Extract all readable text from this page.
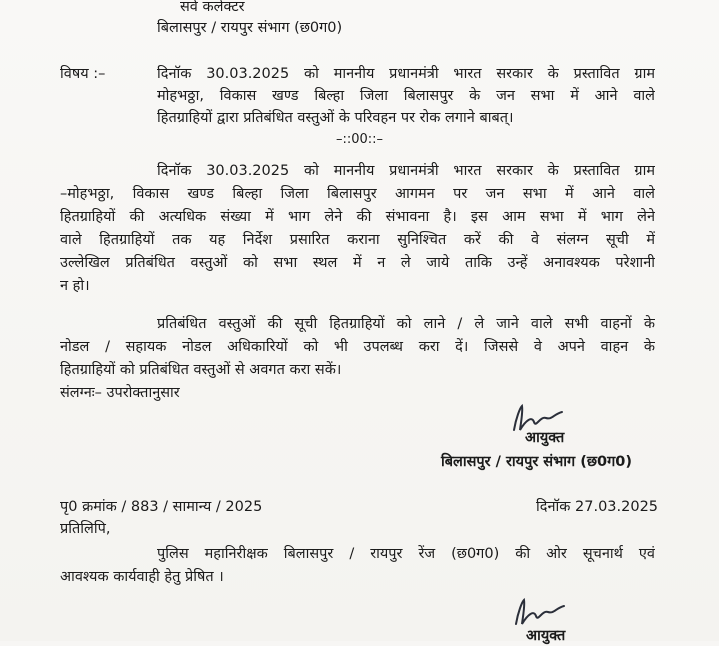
सर्व कलेक्टर
बिलासपुर / रायपुर संभाग (छ0ग0)
विषय :–	दिनॉक 30.03.2025 को माननीय प्रधानमंत्री भारत सरकार के प्रस्तावित ग्राम
मोहभठ्ठा, विकास खण्ड बिल्हा जिला बिलासपुर के जन सभा में आने वाले
हितग्राहियों द्वारा प्रतिबंधित वस्तुओं के परिवहन पर रोक लगाने बाबत्।
–::00::–
दिनॉक 30.03.2025 को माननीय प्रधानमंत्री भारत सरकार के प्रस्तावित ग्राम
–मोहभठ्ठा, विकास खण्ड बिल्हा जिला बिलासपुर आगमन पर जन सभा में आने वाले
हितग्राहियों की अत्यधिक संख्या में भाग लेने की संभावना है। इस आम सभा में भाग लेने
वाले हितग्राहियों तक यह निर्देश प्रसारित कराना सुनिश्चित करें की वे संलग्न सूची में
उल्लेखिल प्रतिबंधित वस्तुओं को सभा स्थल में न ले जाये ताकि उन्हें अनावश्यक परेशानी
न हो।
प्रतिबंधित वस्तुओं की सूची हितग्राहियों को लाने / ले जाने वाले सभी वाहनों के
नोडल / सहायक नोडल अधिकारियों को भी उपलब्ध करा दें। जिससे वे अपने वाहन के
हितग्राहियों को प्रतिबंधित वस्तुओं से अवगत करा सकें।
संलग्नः– उपरोक्तानुसार
आयुक्त
बिलासपुर / रायपुर संभाग (छ0ग0)
पृ0 क्रमांक / 883 / सामान्य / 2025	दिनॉक 27.03.2025
प्रतिलिपि,
पुलिस महानिरीक्षक बिलासपुर / रायपुर रेंज (छ0ग0) की ओर सूचनार्थ एवं
आवश्यक कार्यवाही हेतु प्रेषित ।
आयुक्त
